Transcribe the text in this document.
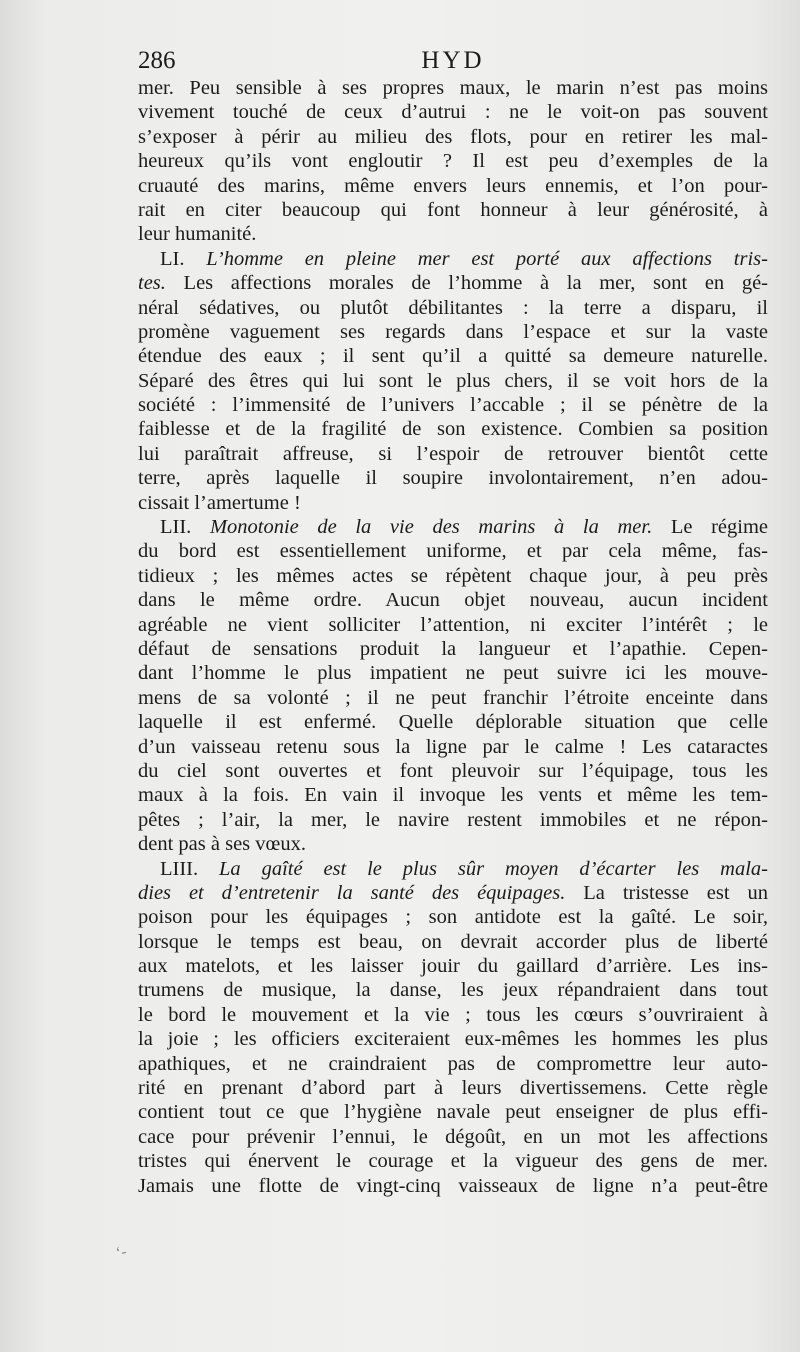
286	HYD
mer. Peu sensible à ses propres maux, le marin n’est pas moins
vivement touché de ceux d’autrui : ne le voit-on pas souvent
s’exposer à périr au milieu des flots, pour en retirer les mal-
heureux qu’ils vont engloutir ? Il est peu d’exemples de la
cruauté des marins, même envers leurs ennemis, et l’on pour-
rait en citer beaucoup qui font honneur à leur générosité, à
leur humanité.
LI. L’homme en pleine mer est porté aux affections tris-
tes. Les affections morales de l’homme à la mer, sont en gé-
néral sédatives, ou plutôt débilitantes : la terre a disparu, il
promène vaguement ses regards dans l’espace et sur la vaste
étendue des eaux ; il sent qu’il a quitté sa demeure naturelle.
Séparé des êtres qui lui sont le plus chers, il se voit hors de la
société : l’immensité de l’univers l’accable ; il se pénètre de la
faiblesse et de la fragilité de son existence. Combien sa position
lui paraîtrait affreuse, si l’espoir de retrouver bientôt cette
terre, après laquelle il soupire involontairement, n’en adou-
cissait l’amertume !
LII. Monotonie de la vie des marins à la mer. Le régime
du bord est essentiellement uniforme, et par cela même, fas-
tidieux ; les mêmes actes se répètent chaque jour, à peu près
dans le même ordre. Aucun objet nouveau, aucun incident
agréable ne vient solliciter l’attention, ni exciter l’intérêt ; le
défaut de sensations produit la langueur et l’apathie. Cepen-
dant l’homme le plus impatient ne peut suivre ici les mouve-
mens de sa volonté ; il ne peut franchir l’étroite enceinte dans
laquelle il est enfermé. Quelle déplorable situation que celle
d’un vaisseau retenu sous la ligne par le calme ! Les cataractes
du ciel sont ouvertes et font pleuvoir sur l’équipage, tous les
maux à la fois. En vain il invoque les vents et même les tem-
pêtes ; l’air, la mer, le navire restent immobiles et ne répon-
dent pas à ses vœux.
LIII. La gaîté est le plus sûr moyen d’écarter les mala-
dies et d’entretenir la santé des équipages. La tristesse est un
poison pour les équipages ; son antidote est la gaîté. Le soir,
lorsque le temps est beau, on devrait accorder plus de liberté
aux matelots, et les laisser jouir du gaillard d’arrière. Les ins-
trumens de musique, la danse, les jeux répandraient dans tout
le bord le mouvement et la vie ; tous les cœurs s’ouvriraient à
la joie ; les officiers exciteraient eux-mêmes les hommes les plus
apathiques, et ne craindraient pas de compromettre leur auto-
rité en prenant d’abord part à leurs divertissemens. Cette règle
contient tout ce que l’hygiène navale peut enseigner de plus effi-
cace pour prévenir l’ennui, le dégoût, en un mot les affections
tristes qui énervent le courage et la vigueur des gens de mer.
Jamais une flotte de vingt-cinq vaisseaux de ligne n’a peut-être
ʻ-
